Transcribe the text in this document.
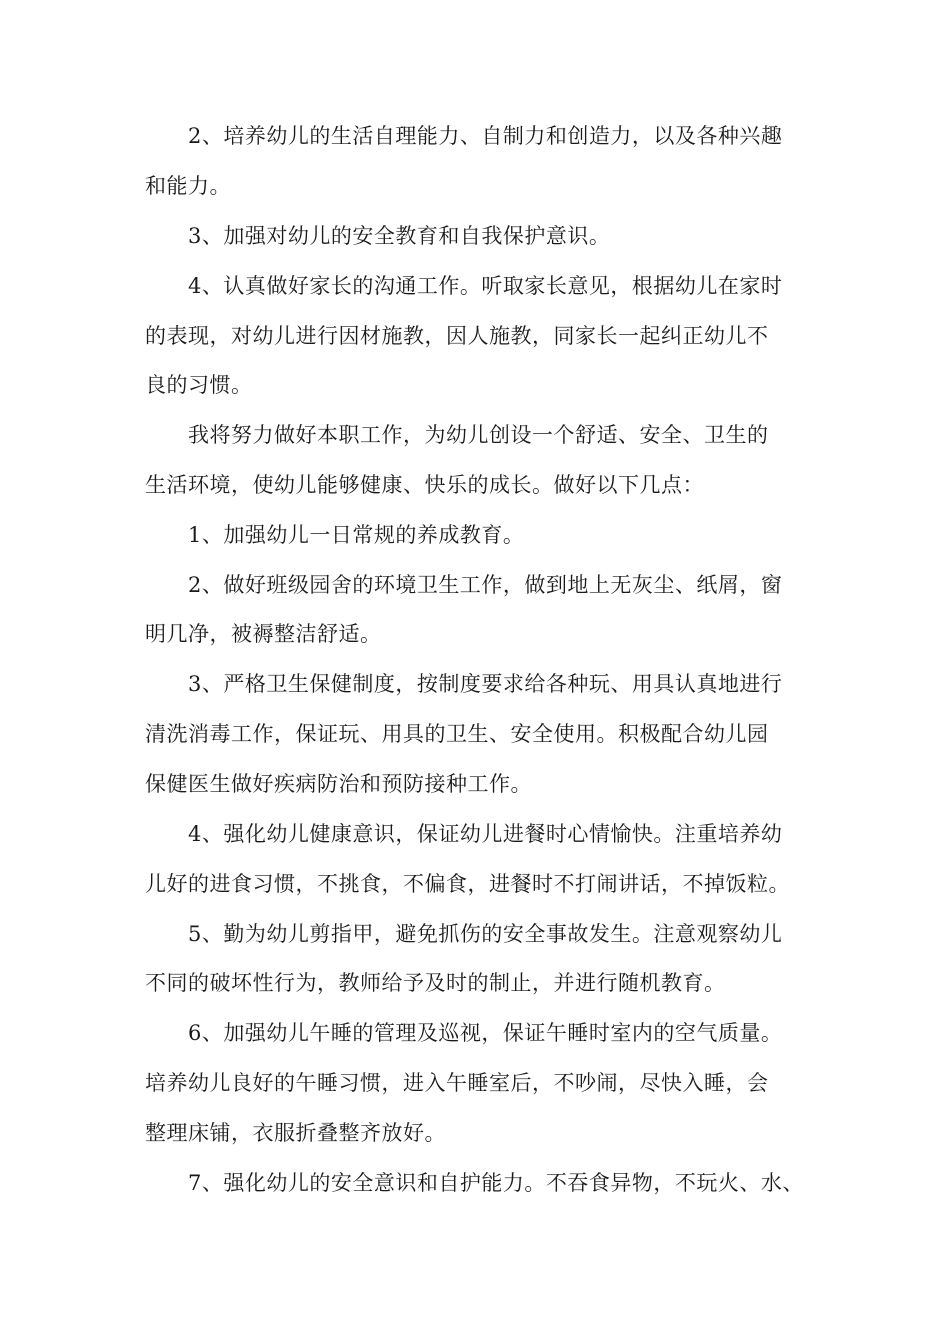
2、培养幼儿的生活自理能力、自制力和创造力，以及各种兴趣
和能力。
3、加强对幼儿的安全教育和自我保护意识。
4、认真做好家长的沟通工作。听取家长意见，根据幼儿在家时
的表现，对幼儿进行因材施教，因人施教，同家长一起纠正幼儿不
良的习惯。
我将努力做好本职工作，为幼儿创设一个舒适、安全、卫生的
生活环境，使幼儿能够健康、快乐的成长。做好以下几点：
1、加强幼儿一日常规的养成教育。
2、做好班级园舍的环境卫生工作，做到地上无灰尘、纸屑，窗
明几净，被褥整洁舒适。
3、严格卫生保健制度，按制度要求给各种玩、用具认真地进行
清洗消毒工作，保证玩、用具的卫生、安全使用。积极配合幼儿园
保健医生做好疾病防治和预防接种工作。
4、强化幼儿健康意识，保证幼儿进餐时心情愉快。注重培养幼
儿好的进食习惯，不挑食，不偏食，进餐时不打闹讲话，不掉饭粒。
5、勤为幼儿剪指甲，避免抓伤的安全事故发生。注意观察幼儿
不同的破坏性行为，教师给予及时的制止，并进行随机教育。
6、加强幼儿午睡的管理及巡视，保证午睡时室内的空气质量。
培养幼儿良好的午睡习惯，进入午睡室后，不吵闹，尽快入睡，会
整理床铺，衣服折叠整齐放好。
7、强化幼儿的安全意识和自护能力。不吞食异物，不玩火、水、
